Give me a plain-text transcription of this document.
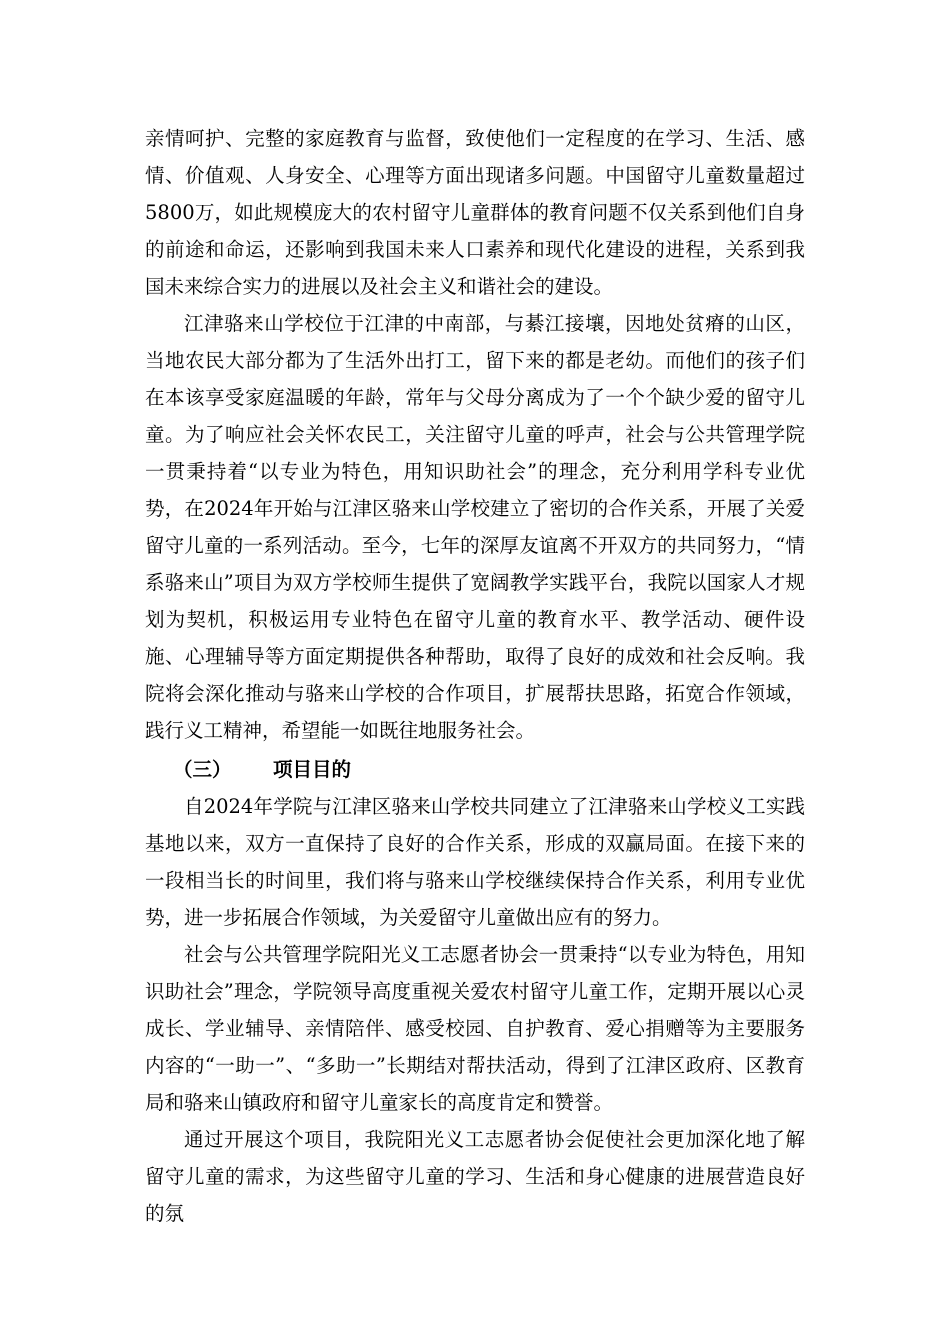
亲情呵护、完整的家庭教育与监督，致使他们一定程度的在学习、生活、感情、价值观、人身安全、心理等方面出现诸多问题。中国留守儿童数量超过5800万，如此规模庞大的农村留守儿童群体的教育问题不仅关系到他们自身的前途和命运，还影响到我国未来人口素养和现代化建设的进程，关系到我国未来综合实力的进展以及社会主义和谐社会的建设。

江津骆来山学校位于江津的中南部，与綦江接壤，因地处贫瘠的山区，当地农民大部分都为了生活外出打工，留下来的都是老幼。而他们的孩子们在本该享受家庭温暖的年龄，常年与父母分离成为了一个个缺少爱的留守儿童。为了响应社会关怀农民工，关注留守儿童的呼声，社会与公共管理学院一贯秉持着“以专业为特色，用知识助社会”的理念，充分利用学科专业优势，在2024年开始与江津区骆来山学校建立了密切的合作关系，开展了关爱留守儿童的一系列活动。至今，七年的深厚友谊离不开双方的共同努力，“情系骆来山”项目为双方学校师生提供了宽阔教学实践平台，我院以国家人才规划为契机，积极运用专业特色在留守儿童的教育水平、教学活动、硬件设施、心理辅导等方面定期提供各种帮助，取得了良好的成效和社会反响。我院将会深化推动与骆来山学校的合作项目，扩展帮扶思路，拓宽合作领域，践行义工精神，希望能一如既往地服务社会。

（三） 项目目的

自2024年学院与江津区骆来山学校共同建立了江津骆来山学校义工实践基地以来，双方一直保持了良好的合作关系，形成的双赢局面。在接下来的一段相当长的时间里，我们将与骆来山学校继续保持合作关系，利用专业优势，进一步拓展合作领域，为关爱留守儿童做出应有的努力。

社会与公共管理学院阳光义工志愿者协会一贯秉持“以专业为特色，用知识助社会”理念，学院领导高度重视关爱农村留守儿童工作，定期开展以心灵成长、学业辅导、亲情陪伴、感受校园、自护教育、爱心捐赠等为主要服务内容的“一助一”、“多助一”长期结对帮扶活动，得到了江津区政府、区教育局和骆来山镇政府和留守儿童家长的高度肯定和赞誉。

通过开展这个项目，我院阳光义工志愿者协会促使社会更加深化地了解留守儿童的需求，为这些留守儿童的学习、生活和身心健康的进展营造良好的氛
